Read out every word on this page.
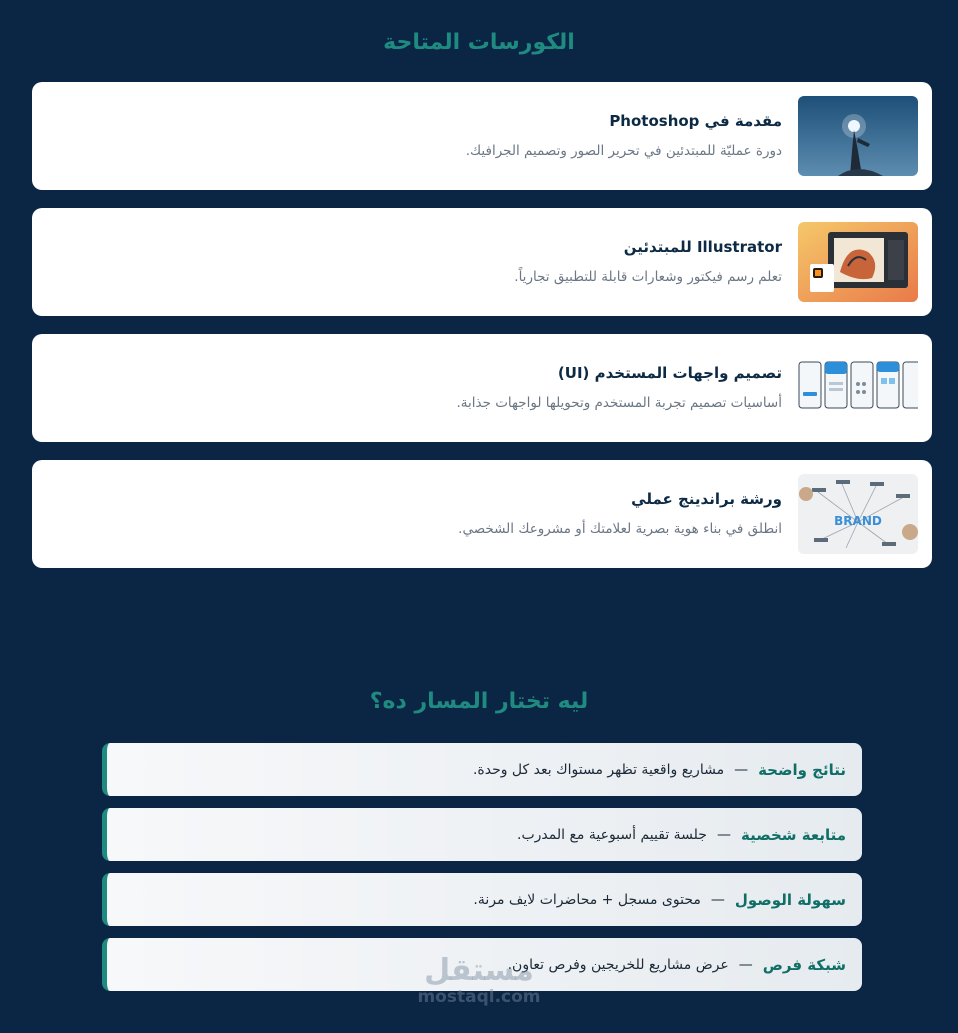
الكورسات المتاحة
مقدمة في Photoshop
دورة عمليّة للمبتدئين في تحرير الصور وتصميم الجرافيك.
Illustrator للمبتدئين
تعلم رسم فيكتور وشعارات قابلة للتطبيق تجارياً.
تصميم واجهات المستخدم (UI)
أساسيات تصميم تجربة المستخدم وتحويلها لواجهات جذابة.
BRAND
ورشة براندينج عملي
انطلق في بناء هوية بصرية لعلامتك أو مشروعك الشخصي.
ليه تختار المسار ده؟
نتائج واضحة
—
مشاريع واقعية تظهر مستواك بعد كل وحدة.
متابعة شخصية
—
جلسة تقييم أسبوعية مع المدرب.
سهولة الوصول
—
محتوى مسجل + محاضرات لايف مرنة.
شبكة فرص
—
عرض مشاريع للخريجين وفرص تعاون.
مستقل
mostaql.com
